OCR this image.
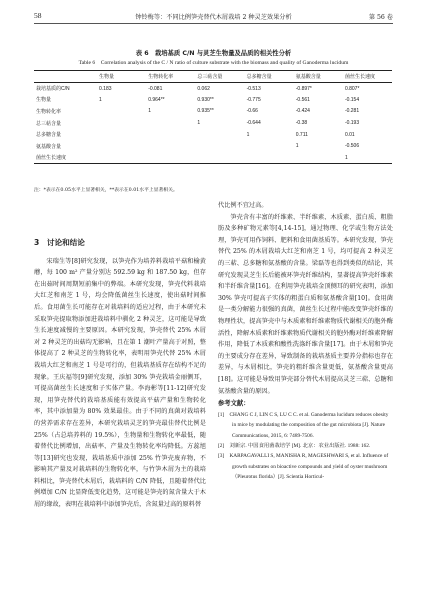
58	钟铃梅等：不同比例笋壳替代木屑栽培 2 种灵芝效果分析	第 56 卷
表 6　栽培基质 C/N 与灵芝生物量及品质的相关性分析
Table 6　Correlation analysis of the C / N ratio of culture substrate with the biomass and quality of Ganoderma lucidum
	生物量	生物转化率	总三萜含量	总多糖含量	氨基酸含量	菌丝生长速度
栽培基质的C/N	0.183	-0.081	0.062	-0.513	-0.897*	0.807*
生物量	1	0.964**	0.930**	-0.775	-0.561	-0.154
生物转化率		1	0.935**	-0.66	-0.424	-0.281
总三萜含量			1	-0.644	-0.38	-0.193
总多糖含量				1	0.711	0.01
氨基酸含量					1	-0.506
菌丝生长速度						1
注：*表示在0.05水平上显著相关，**表示在0.01水平上显著相关。
3　讨论和结论

宋瑞生等[8]研究发现，以笋壳作为培养料栽培平菇和榆黄蘑，每 100 m² 产量分别达 592.59 kg 和 187.50 kg，但存在出菇时间周期短前集中的弊端。本研究发现，笋壳代料栽培大红芝和南芝 1 号，均会降低菌丝生长速度，使出菇时间推后。食用菌生长可能存在对栽培料的适应过程，由于本研究未采取笋壳提取物添加进栽培料中驯化 2 种灵芝，这可能是导致生长速度减慢的主要原因。本研究发现，笋壳替代 25% 木屑对 2 种灵芝的出菇均无影响，且在第 1 潮叶产量高于对照，整体提高了 2 种灵芝的生物转化率，表明用笋壳代替 25% 木屑栽培大红芝和南芝 1 号是可行的，但栽培基质存在结构不足的现象。王庆福等[9]研究发现，添加 30% 笋壳栽培金丽侧耳，可提高菌丝生长速度和子实体产量。李海彬等[11-12]研究发现，用笋壳替代的栽培基质能有效提高平菇产量和生物转化率，其中添加量为 80% 效果最佳。由于不同的真菌对栽培料的营养需求存在差异，本研究栽培灵芝的笋壳最佳替代比例是 25%（占总培养料的 19.5%），生物量和生物转化率最低，随着替代比例增加，出菇率、产量及生物转化率均降低。方蕊旭等[13]研究也发现，栽培基质中添加 25% 竹笋壳废弃物，不影响其产量及对栽培料的生物转化率，与竹笋木屑为主的栽培料相比，笋壳替代木屑后，栽培料的 C/N 降低，且随着替代比例增加 C/N 比显降低变化趋势，这可能是笋壳的氮含量大于木屑的缘故，表明在栽培料中添加笋壳后，含氮量过高的原料替

代比例不宜过高。

笋壳含有丰富的纤维素、半纤维素、木质素、蛋白质、粗脂肪及多种矿物元素等[4,14-15]，通过物理、化学或生物方法处理，笋壳可用作饲料、肥料和食用菌基质等。本研究发现，笋壳替代 25% 的木屑栽培大红芝和南芝 1 号，均可提高 2 种灵芝的三萜、总多糖和氨基酸的含量。梁磊等也得到类似的结论，其研究发现灵芝生长后能被环笋壳纤维结构，显著提高笋壳纤维素和半纤维含量[16]。在利用笋壳栽培金顶侧耳的研究表明，添加 30% 笋壳可提高子实体的粗蛋白质和氨基酸含量[10]。食用菌是一类分解能力很强的真菌，菌丝生长过程中能改变笋壳纤维的物理性状，提高笋壳中与木质素和纤维素物质代谢相关的胞外酶活性，降解木质素和纤维素物质代谢相关的胞外酶对纤维素降解作用，降低了木质素和酸性洗涤纤维含量[17]。由于木屑和笋壳的主要成分存在差异，导致制备的栽培基质主要养分指标也存在差异，与木屑相比，笋壳的粗纤维含量更低，氨基酸含量更高[18]。这可能是导致用笋壳部分替代木屑提高灵芝三萜、总糖和氨基酸含量的原因。

参考文献：

[1]　CHANG C J, LIN C S, LU C C. et al. Ganoderma lucidum reduces obesity in mice by modulating the composition of the gut microbiota [J]. Nature Communications, 2015, 6: 7489-7506.

[2]　刘新宗. 中国食用菌栽培学 [M]. 北京：农业出版社. 1988: 162.

[3]　KARPAGAVALLI S, MANISHA R, MAGESHWARI S, et al. Influence of growth substrates on bioactive compounds and yield of oyster mushroom（Pleurotus florida）[J]. Scientia Horticul-
